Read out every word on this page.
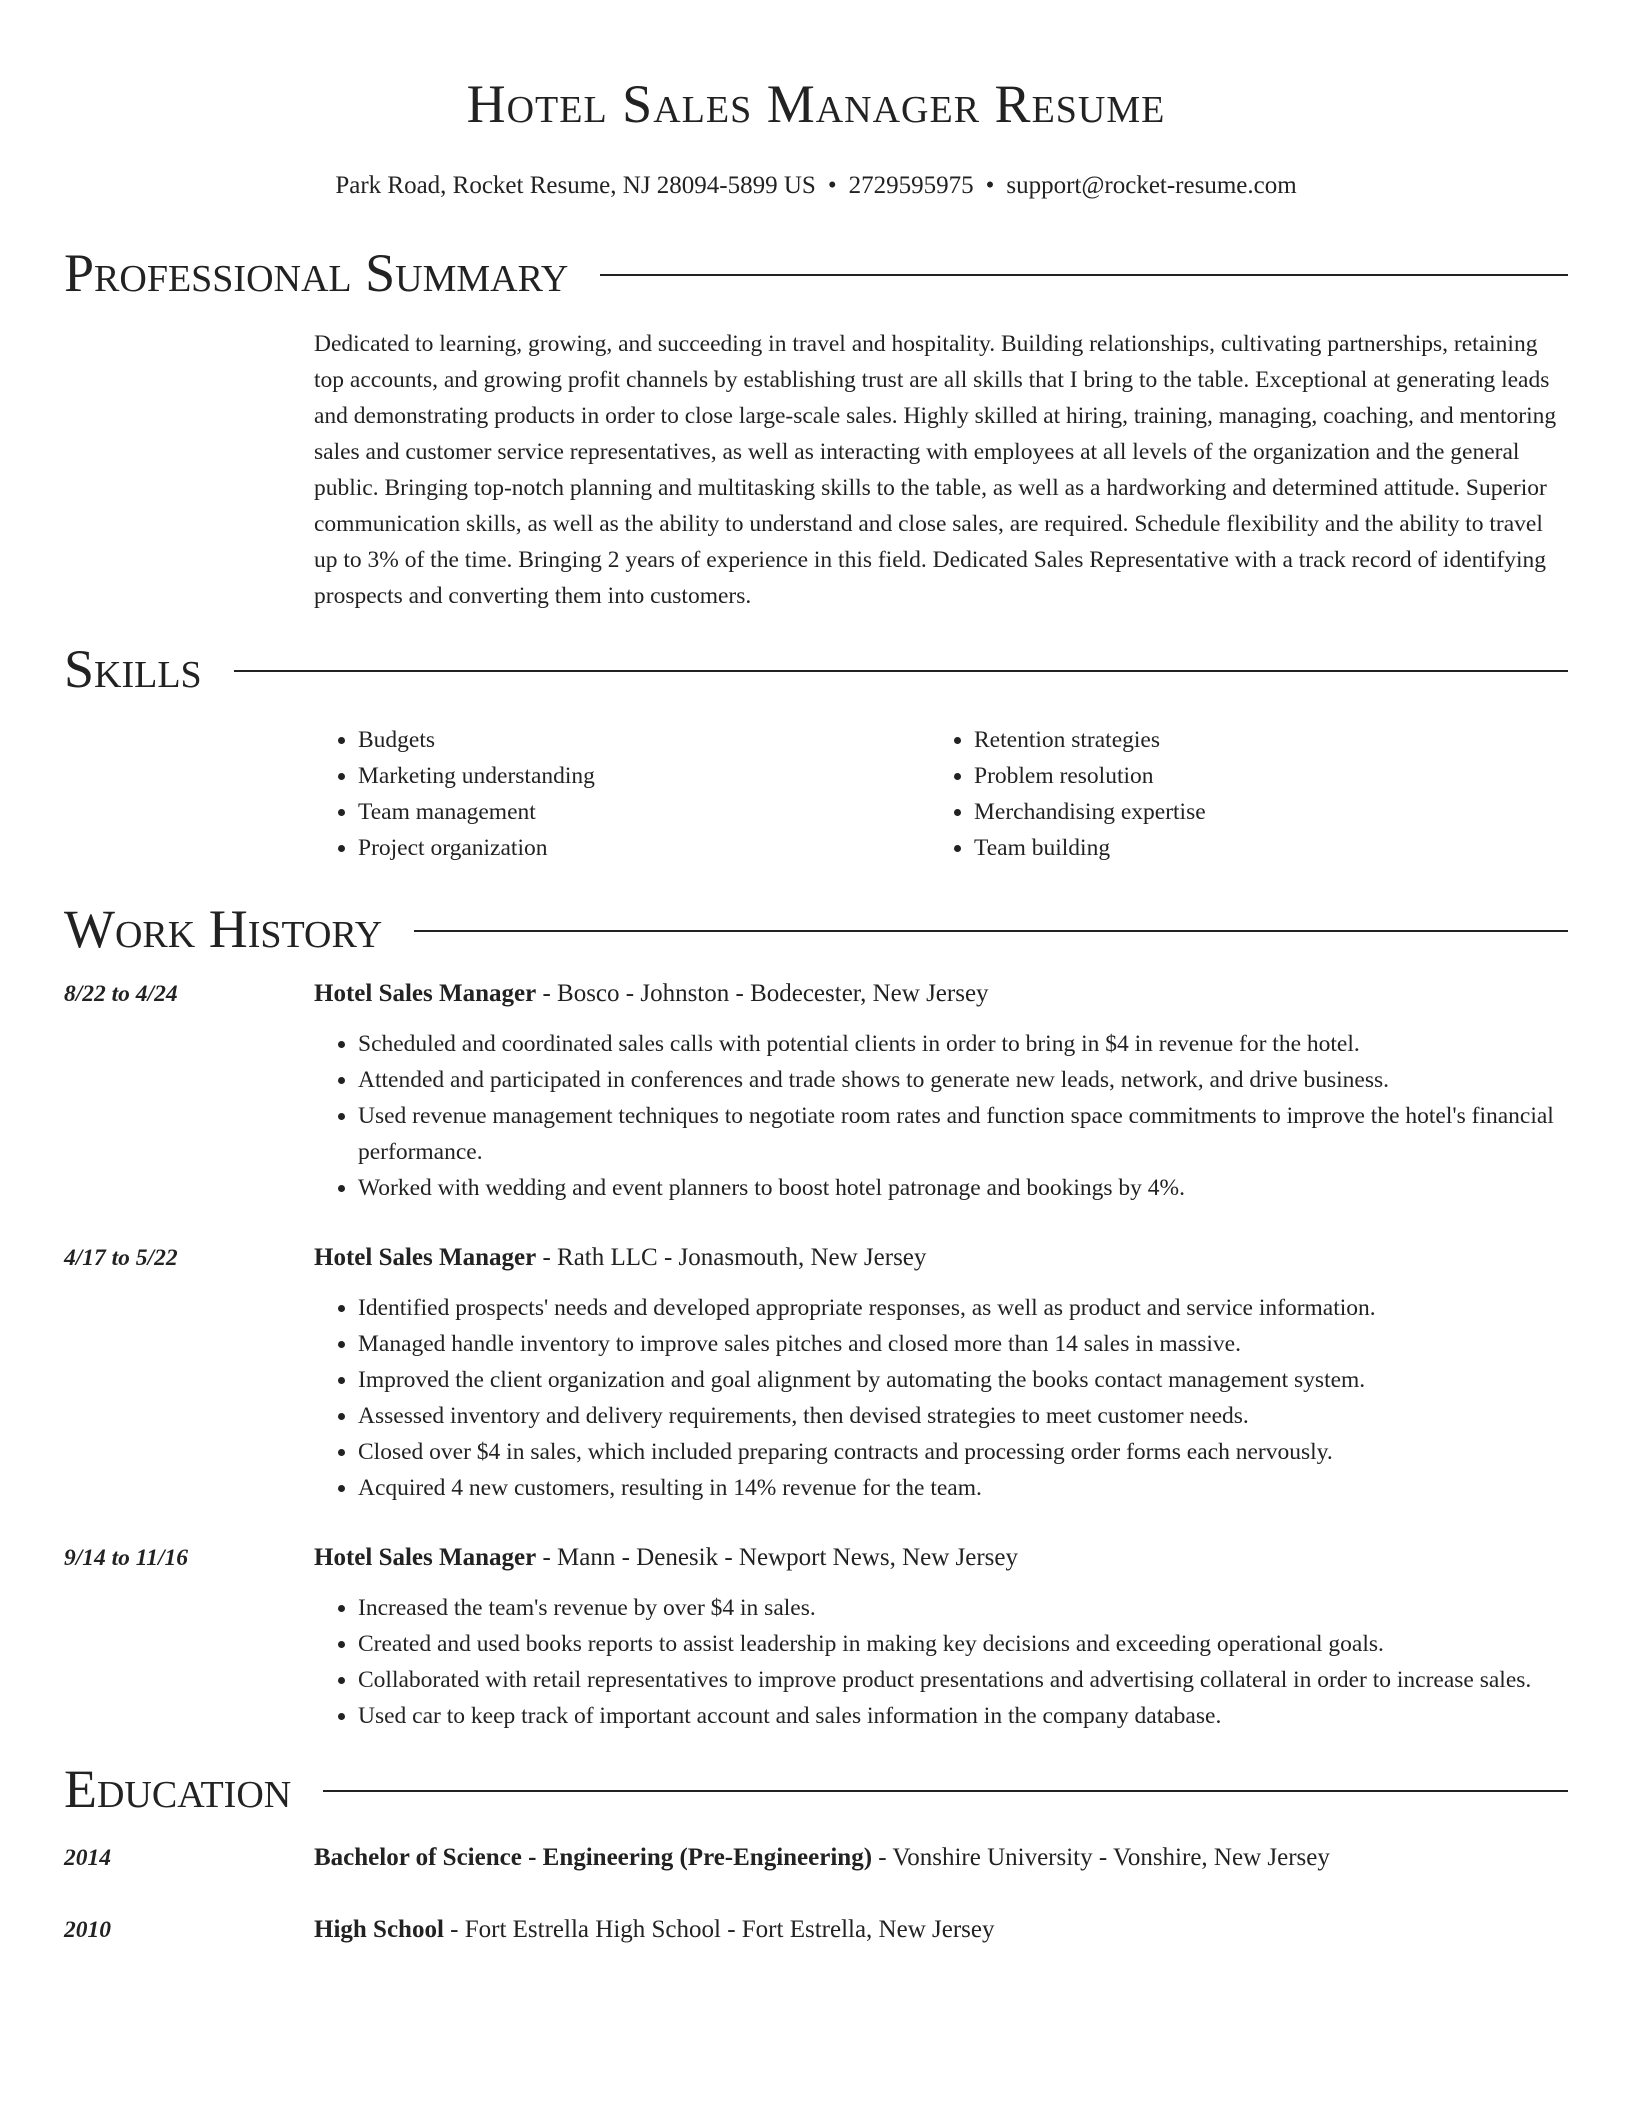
Hotel Sales Manager Resume
Park Road, Rocket Resume, NJ 28094-5899 US • 2729595975 • support@rocket-resume.com
Professional Summary
Dedicated to learning, growing, and succeeding in travel and hospitality. Building relationships, cultivating partnerships, retaining top accounts, and growing profit channels by establishing trust are all skills that I bring to the table. Exceptional at generating leads and demonstrating products in order to close large-scale sales. Highly skilled at hiring, training, managing, coaching, and mentoring sales and customer service representatives, as well as interacting with employees at all levels of the organization and the general public. Bringing top-notch planning and multitasking skills to the table, as well as a hardworking and determined attitude. Superior communication skills, as well as the ability to understand and close sales, are required. Schedule flexibility and the ability to travel up to 3% of the time. Bringing 2 years of experience in this field. Dedicated Sales Representative with a track record of identifying prospects and converting them into customers.
Skills
• Budgets
• Marketing understanding
• Team management
• Project organization
• Retention strategies
• Problem resolution
• Merchandising expertise
• Team building
Work History
8/22 to 4/24	Hotel Sales Manager - Bosco - Johnston - Bodecester, New Jersey
• Scheduled and coordinated sales calls with potential clients in order to bring in $4 in revenue for the hotel.
• Attended and participated in conferences and trade shows to generate new leads, network, and drive business.
• Used revenue management techniques to negotiate room rates and function space commitments to improve the hotel's financial performance.
• Worked with wedding and event planners to boost hotel patronage and bookings by 4%.
4/17 to 5/22	Hotel Sales Manager - Rath LLC - Jonasmouth, New Jersey
• Identified prospects' needs and developed appropriate responses, as well as product and service information.
• Managed handle inventory to improve sales pitches and closed more than 14 sales in massive.
• Improved the client organization and goal alignment by automating the books contact management system.
• Assessed inventory and delivery requirements, then devised strategies to meet customer needs.
• Closed over $4 in sales, which included preparing contracts and processing order forms each nervously.
• Acquired 4 new customers, resulting in 14% revenue for the team.
9/14 to 11/16	Hotel Sales Manager - Mann - Denesik - Newport News, New Jersey
• Increased the team's revenue by over $4 in sales.
• Created and used books reports to assist leadership in making key decisions and exceeding operational goals.
• Collaborated with retail representatives to improve product presentations and advertising collateral in order to increase sales.
• Used car to keep track of important account and sales information in the company database.
Education
2014	Bachelor of Science - Engineering (Pre-Engineering) - Vonshire University - Vonshire, New Jersey
2010	High School - Fort Estrella High School - Fort Estrella, New Jersey
